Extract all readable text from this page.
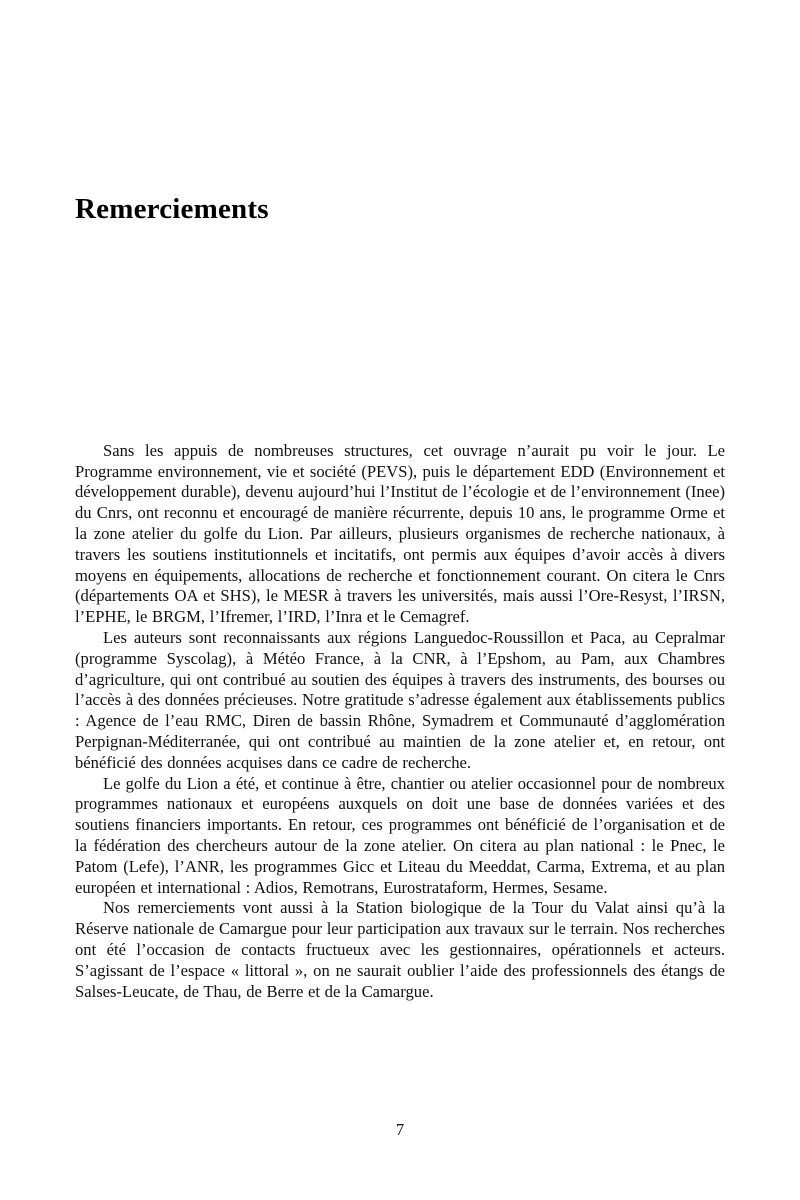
Remerciements

Sans les appuis de nombreuses structures, cet ouvrage n’aurait pu voir le jour. Le Programme environnement, vie et société (PEVS), puis le département EDD (Environnement et développement durable), devenu aujourd’hui l’Institut de l’écologie et de l’environnement (Inee) du Cnrs, ont reconnu et encouragé de manière récurrente, depuis 10 ans, le programme Orme et la zone atelier du golfe du Lion. Par ailleurs, plusieurs organismes de recherche nationaux, à travers les soutiens institutionnels et incitatifs, ont permis aux équipes d’avoir accès à divers moyens en équipements, allocations de recherche et fonctionnement courant. On citera le Cnrs (départements OA et SHS), le MESR à travers les universités, mais aussi l’Ore-Resyst, l’IRSN, l’EPHE, le BRGM, l’Ifremer, l’IRD, l’Inra et le Cemagref.

Les auteurs sont reconnaissants aux régions Languedoc-Roussillon et Paca, au Cepralmar (programme Syscolag), à Météo France, à la CNR, à l’Epshom, au Pam, aux Chambres d’agriculture, qui ont contribué au soutien des équipes à travers des instruments, des bourses ou l’accès à des données précieuses. Notre gratitude s’adresse également aux établissements publics : Agence de l’eau RMC, Diren de bassin Rhône, Symadrem et Communauté d’agglomération Perpignan-Méditerranée, qui ont contribué au maintien de la zone atelier et, en retour, ont bénéficié des données acquises dans ce cadre de recherche.

Le golfe du Lion a été, et continue à être, chantier ou atelier occasionnel pour de nombreux programmes nationaux et européens auxquels on doit une base de données variées et des soutiens financiers importants. En retour, ces programmes ont bénéficié de l’organisation et de la fédération des chercheurs autour de la zone atelier. On citera au plan national : le Pnec, le Patom (Lefe), l’ANR, les programmes Gicc et Liteau du Meeddat, Carma, Extrema, et au plan européen et international : Adios, Remotrans, Eurostrataform, Hermes, Sesame.

Nos remerciements vont aussi à la Station biologique de la Tour du Valat ainsi qu’à la Réserve nationale de Camargue pour leur participation aux travaux sur le terrain. Nos recherches ont été l’occasion de contacts fructueux avec les gestionnaires, opérationnels et acteurs. S’agissant de l’espace « littoral », on ne saurait oublier l’aide des professionnels des étangs de Salses-Leucate, de Thau, de Berre et de la Camargue.

7
